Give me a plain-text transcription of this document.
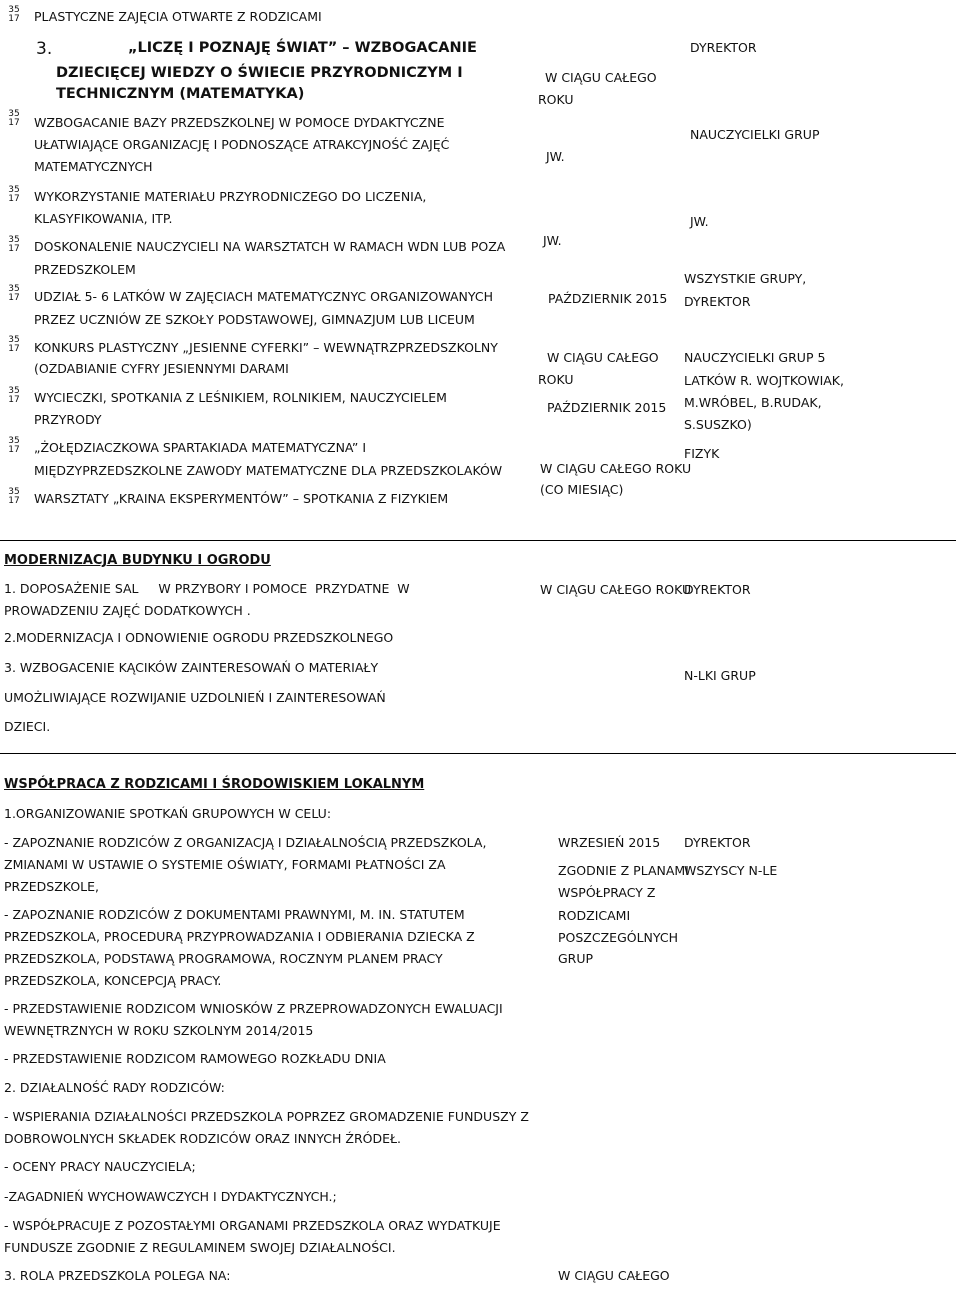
35
17 PLASTYCZNE ZAJĘCIA OTWARTE Z RODZICAMI
3.	„LICZĘ I POZNAJĘ ŚWIAT” – WZBOGACANIE
DZIECIĘCEJ WIEDZY O ŚWIECIE PRZYRODNICZYM I
TECHNICZNYM (MATEMATYKA)
35
17 WZBOGACANIE BAZY PRZEDSZKOLNEJ W POMOCE DYDAKTYCZNE
UŁATWIAJĄCE ORGANIZACJĘ I PODNOSZĄCE ATRAKCYJNOŚĆ ZAJĘĆ
MATEMATYCZNYCH
35
17 WYKORZYSTANIE MATERIAŁU PRZYRODNICZEGO DO LICZENIA,
KLASYFIKOWANIA, ITP.
35
17 DOSKONALENIE NAUCZYCIELI NA WARSZTATCH W RAMACH WDN LUB POZA
PRZEDSZKOLEM
35
17 UDZIAŁ 5- 6 LATKÓW W ZAJĘCIACH MATEMATYCZNYC ORGANIZOWANYCH
PRZEZ UCZNIÓW ZE SZKOŁY PODSTAWOWEJ, GIMNAZJUM LUB LICEUM
35
17 KONKURS PLASTYCZNY „JESIENNE CYFERKI” – WEWNĄTRZPRZEDSZKOLNY
(OZDABIANIE CYFRY JESIENNYMI DARAMI
35
17 WYCIECZKI, SPOTKANIA Z LEŚNIKIEM, ROLNIKIEM, NAUCZYCIELEM
PRZYRODY
35
17 „ŻOŁĘDZIACZKOWA SPARTAKIADA MATEMATYCZNA” I
MIĘDZYPRZEDSZKOLNE ZAWODY MATEMATYCZNE DLA PRZEDSZKOLAKÓW
35
17 WARSZTATY „KRAINA EKSPERYMENTÓW” – SPOTKANIA Z FIZYKIEM
W CIĄGU CAŁEGO
ROKU
JW.
JW.
PAŹDZIERNIK 2015
W CIĄGU CAŁEGO
ROKU
PAŹDZIERNIK 2015
W CIĄGU CAŁEGO ROKU
(CO MIESIĄC)
DYREKTOR
NAUCZYCIELKI GRUP
JW.
WSZYSTKIE GRUPY,
DYREKTOR
NAUCZYCIELKI GRUP 5
LATKÓW R. WOJTKOWIAK,
M.WRÓBEL, B.RUDAK,
S.SUSZKO)
FIZYK
MODERNIZACJA BUDYNKU I OGRODU
1. DOPOSAŻENIE SAL     W PRZYBORY I POMOCE  PRZYDATNE  W
PROWADZENIU ZAJĘĆ DODATKOWYCH .
W CIĄGU CAŁEGO ROKU
DYREKTOR
2.MODERNIZACJA I ODNOWIENIE OGRODU PRZEDSZKOLNEGO
3. WZBOGACENIE KĄCIKÓW ZAINTERESOWAŃ O MATERIAŁY
N-LKI GRUP
UMOŻLIWIAJĄCE ROZWIJANIE UZDOLNIEŃ I ZAINTERESOWAŃ
DZIECI.
WSPÓŁPRACA Z RODZICAMI I ŚRODOWISKIEM LOKALNYM
1.ORGANIZOWANIE SPOTKAŃ GRUPOWYCH W CELU:
- ZAPOZNANIE RODZICÓW Z ORGANIZACJĄ I DZIAŁALNOŚCIĄ PRZEDSZKOLA,
ZMIANAMI W USTAWIE O SYSTEMIE OŚWIATY, FORMAMI PŁATNOŚCI ZA
PRZEDSZKOLE,
- ZAPOZNANIE RODZICÓW Z DOKUMENTAMI PRAWNYMI, M. IN. STATUTEM
PRZEDSZKOLA, PROCEDURĄ PRZYPROWADZANIA I ODBIERANIA DZIECKA Z
PRZEDSZKOLA, PODSTAWĄ PROGRAMOWA, ROCZNYM PLANEM PRACY
PRZEDSZKOLA, KONCEPCJĄ PRACY.
- PRZEDSTAWIENIE RODZICOM WNIOSKÓW Z PRZEPROWADZONYCH EWALUACJI
WEWNĘTRZNYCH W ROKU SZKOLNYM 2014/2015
- PRZEDSTAWIENIE RODZICOM RAMOWEGO ROZKŁADU DNIA
2. DZIAŁALNOŚĆ RADY RODZICÓW:
- WSPIERANIA DZIAŁALNOŚCI PRZEDSZKOLA POPRZEZ GROMADZENIE FUNDUSZY Z
DOBROWOLNYCH SKŁADEK RODZICÓW ORAZ INNYCH ŹRÓDEŁ.
- OCENY PRACY NAUCZYCIELA;
-ZAGADNIEŃ WYCHOWAWCZYCH I DYDAKTYCZNYCH.;
- WSPÓŁPRACUJE Z POZOSTAŁYMI ORGANAMI PRZEDSZKOLA ORAZ WYDATKUJE
FUNDUSZE ZGODNIE Z REGULAMINEM SWOJEJ DZIAŁALNOŚCI.
3. ROLA PRZEDSZKOLA POLEGA NA:
WRZESIEŃ 2015 DYREKTOR
ZGODNIE Z PLANAMI
WSZYSCY N-LE
WSPÓŁPRACY Z
RODZICAMI
POSZCZEGÓLNYCH
GRUP
W CIĄGU CAŁEGO
